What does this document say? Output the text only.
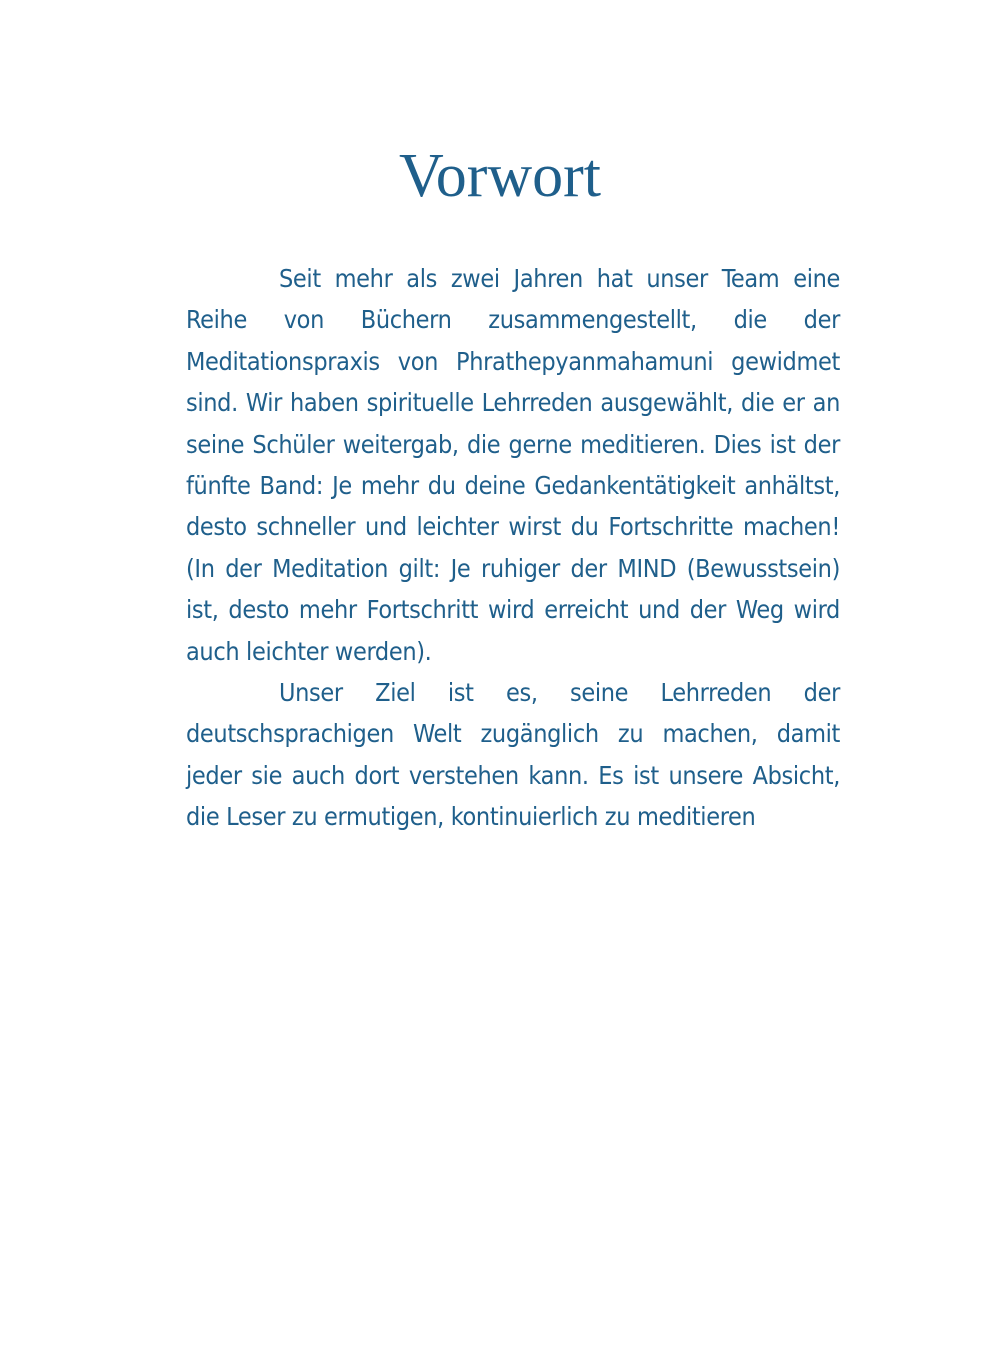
Vorwort

Seit mehr als zwei Jahren hat unser Team eine Reihe von Büchern zusammengestellt, die der Meditationspraxis von Phrathepyanmahamuni gewidmet sind. Wir haben spirituelle Lehrreden ausgewählt, die er an seine Schüler weitergab, die gerne meditieren. Dies ist der fünfte Band: Je mehr du deine Gedankentätigkeit anhältst, desto schneller und leichter wirst du Fortschritte machen! (In der Meditation gilt: Je ruhiger der MIND (Bewusstsein) ist, desto mehr Fortschritt wird erreicht und der Weg wird auch leichter werden).

Unser Ziel ist es, seine Lehrreden der deutschsprachigen Welt zugänglich zu machen, damit jeder sie auch dort verstehen kann. Es ist unsere Absicht, die Leser zu ermutigen, kontinuierlich zu meditieren
